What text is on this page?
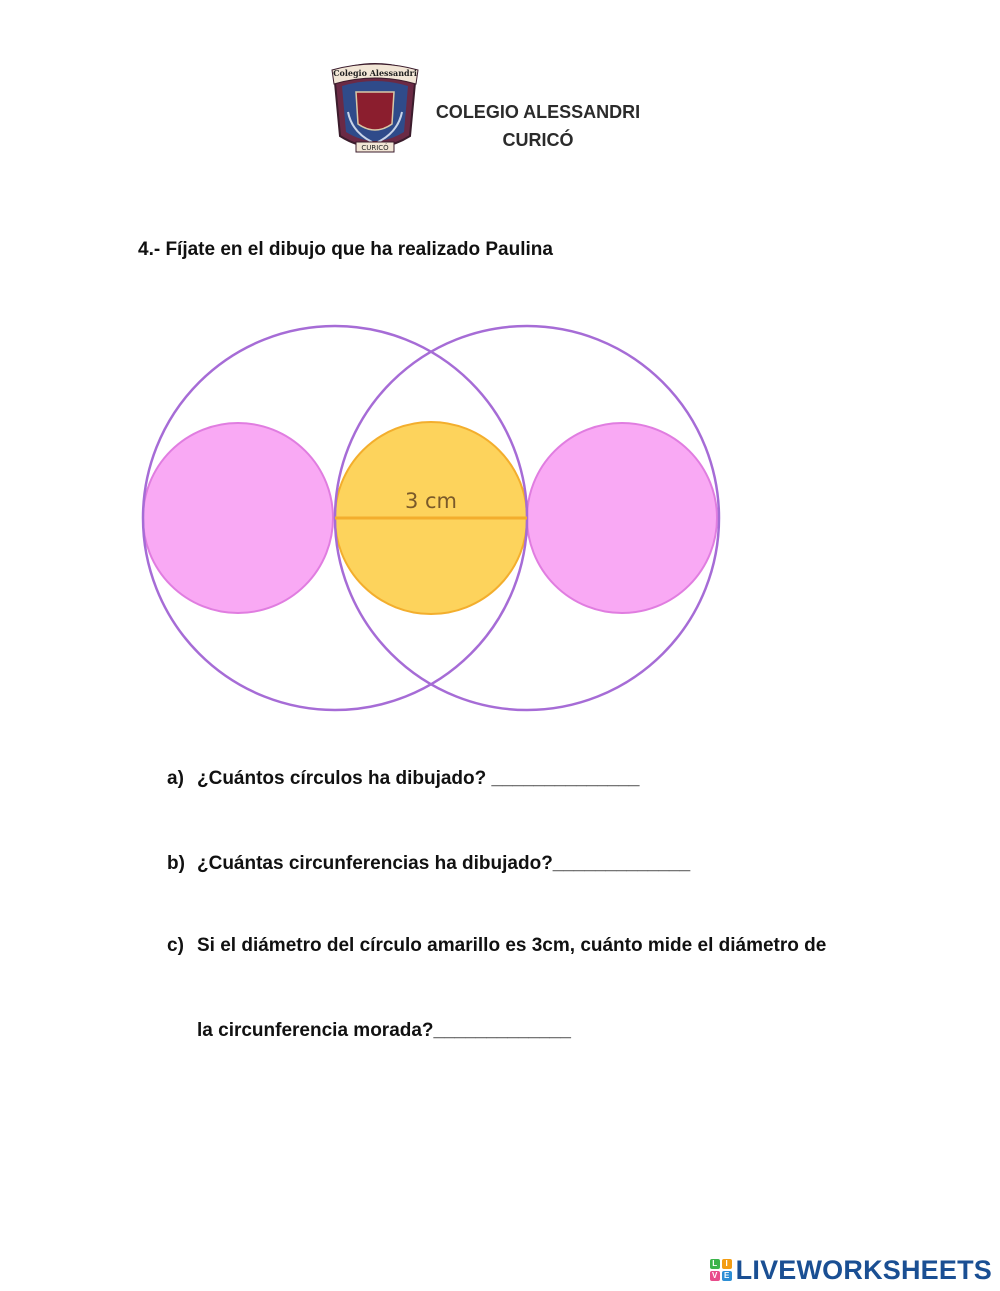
Colegio Alessandri
CURICÓ
COLEGIO ALESSANDRI
CURICÓ
4.- Fíjate en el dibujo que ha realizado Paulina
3 cm
a) ¿Cuántos círculos ha dibujado? ______________
b) ¿Cuántas circunferencias ha dibujado?_____________
c) Si el diámetro del círculo amarillo es 3cm, cuánto mide el diámetro de
la circunferencia morada?_____________
L	I
V E LIVEWORKSHEETS
